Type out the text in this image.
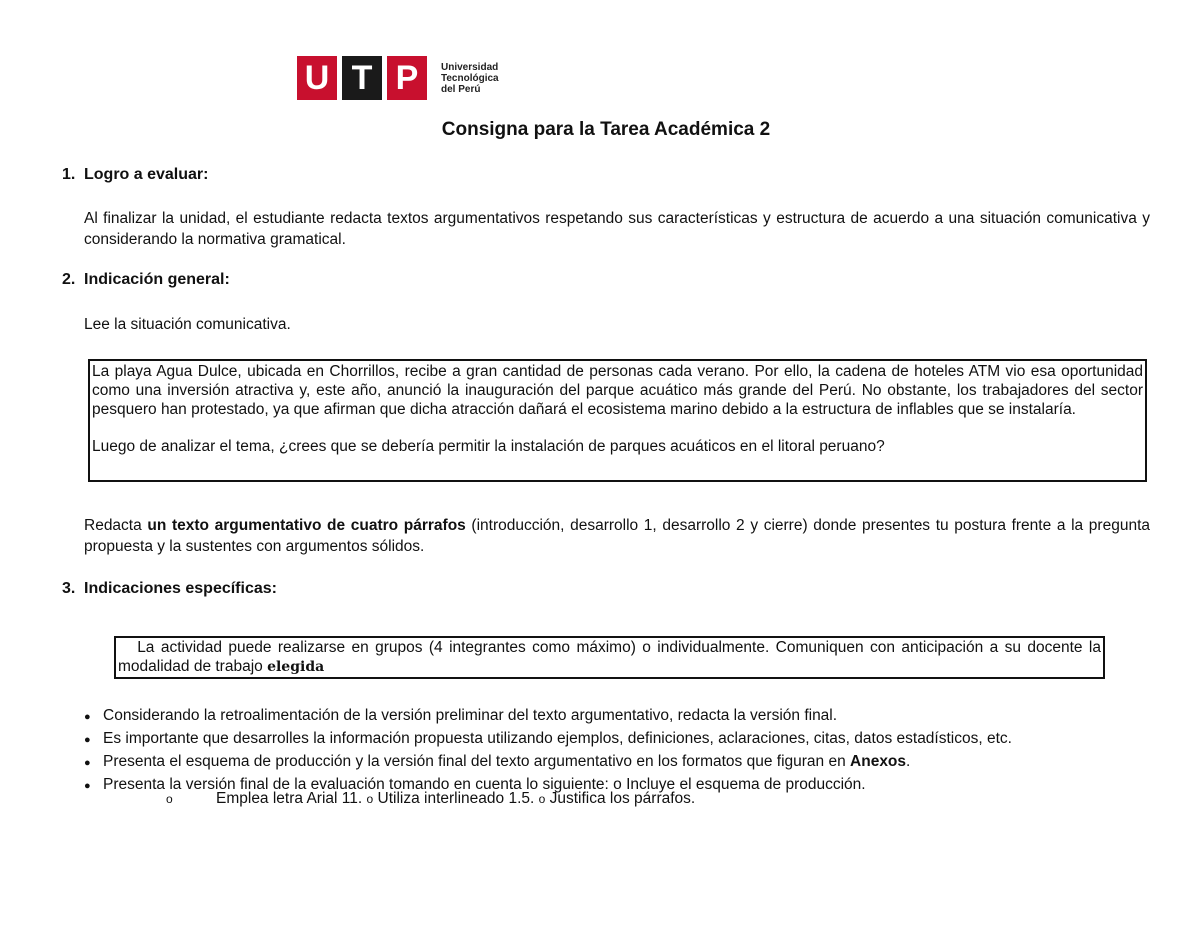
U T P	Universidad
Tecnológica
del Perú
Consigna para la Tarea Académica 2
1. Logro a evaluar:
Al finalizar la unidad, el estudiante redacta textos argumentativos respetando sus características y estructura de acuerdo a una situación comunicativa y considerando la normativa gramatical.
2. Indicación general:
Lee la situación comunicativa.

La playa Agua Dulce, ubicada en Chorrillos, recibe a gran cantidad de personas cada verano. Por ello, la cadena de hoteles ATM vio esa oportunidad como una inversión atractiva y, este año, anunció la inauguración del parque acuático más grande del Perú. No obstante, los trabajadores del sector pesquero han protestado, ya que afirman que dicha atracción dañará el ecosistema marino debido a la estructura de inflables que se instalaría.

Luego de analizar el tema, ¿crees que se debería permitir la instalación de parques acuáticos en el litoral peruano?

Redacta un texto argumentativo de cuatro párrafos (introducción, desarrollo 1, desarrollo 2 y cierre) donde presentes tu postura frente a la pregunta propuesta y la sustentes con argumentos sólidos.
3. Indicaciones específicas:
La actividad puede realizarse en grupos (4 integrantes como máximo) o individualmente. Comuniquen con anticipación a su docente la modalidad de trabajo elegida
● Considerando la retroalimentación de la versión preliminar del texto argumentativo, redacta la versión final.
● Es importante que desarrolles la información propuesta utilizando ejemplos, definiciones, aclaraciones, citas, datos estadísticos, etc.
● Presenta el esquema de producción y la versión final del texto argumentativo en los formatos que figuran en Anexos.
● Presenta la versión final de la evaluación tomando en cuenta lo siguiente: o Incluye el esquema de producción.
o	Emplea letra Arial 11. o Utiliza interlineado 1.5. o Justifica los párrafos.
